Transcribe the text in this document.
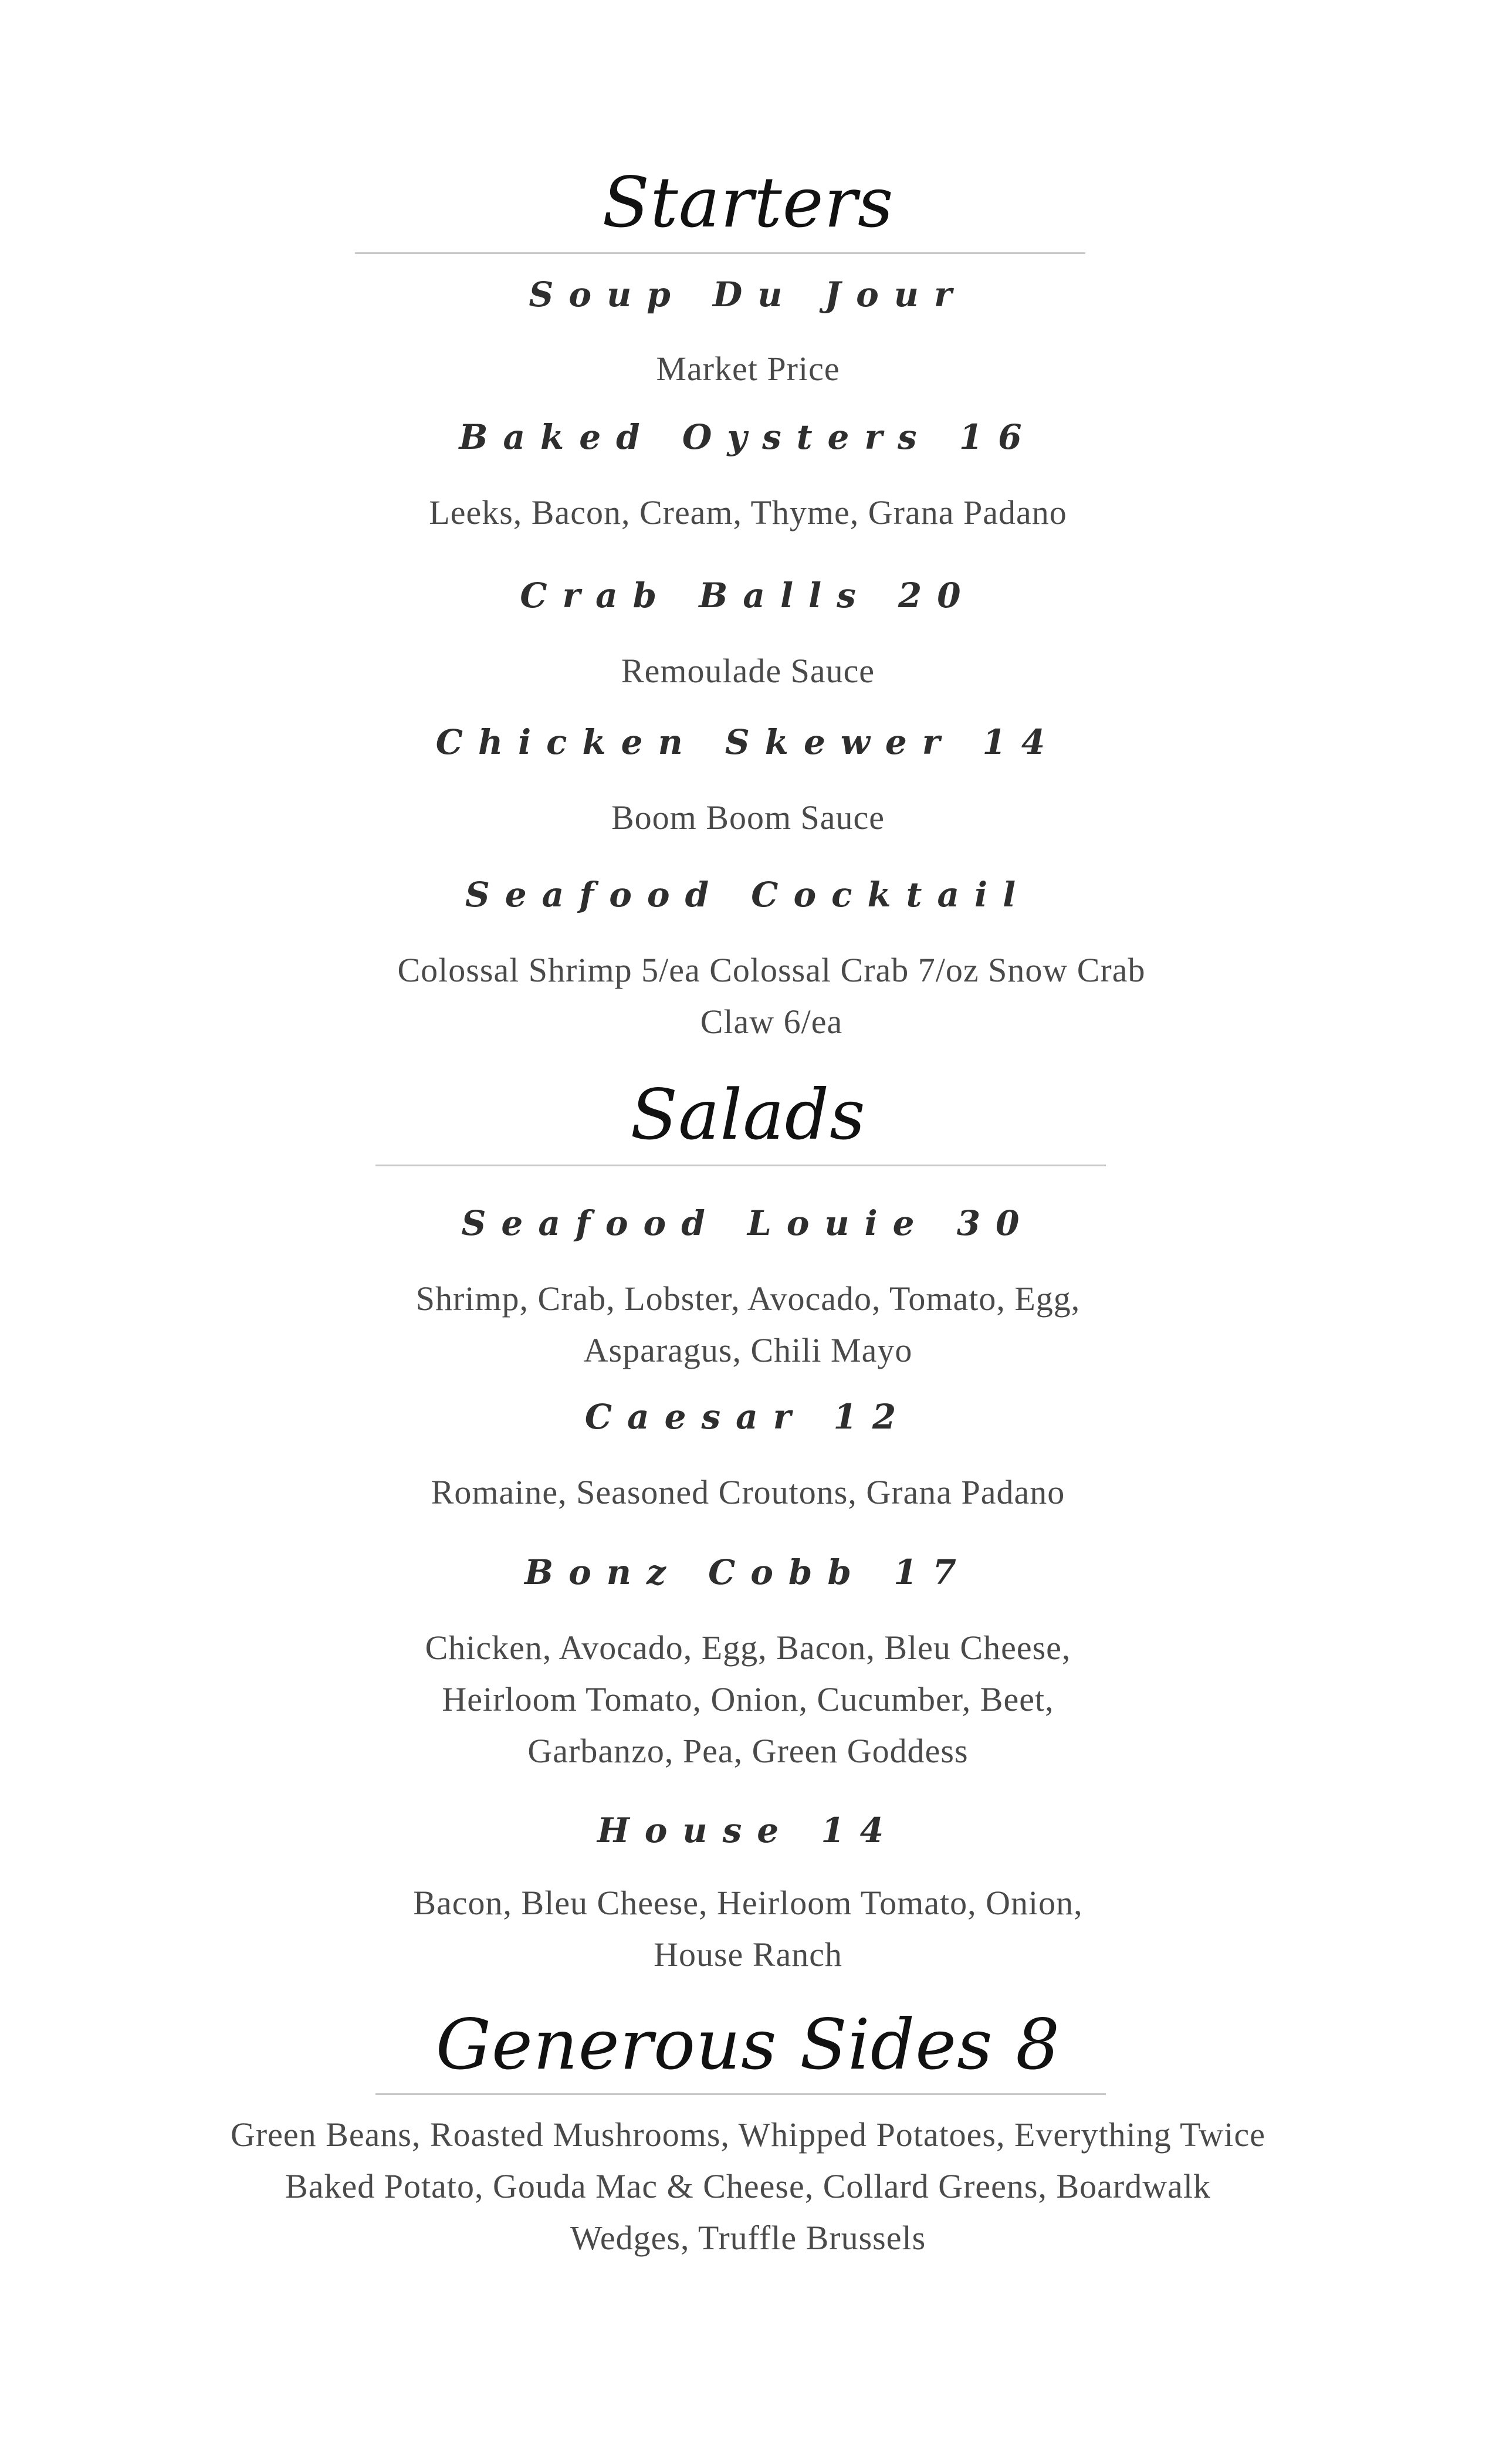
Starters
Soup Du Jour
Market Price
Baked Oysters 16
Leeks, Bacon, Cream, Thyme, Grana Padano
Crab Balls 20
Remoulade Sauce
Chicken Skewer 14
Boom Boom Sauce
Seafood Cocktail
Colossal Shrimp 5/ea Colossal Crab 7/oz Snow Crab Claw 6/ea
Salads
Seafood Louie 30
Shrimp, Crab, Lobster, Avocado, Tomato, Egg, Asparagus, Chili Mayo
Caesar 12
Romaine, Seasoned Croutons, Grana Padano
Bonz Cobb 17
Chicken, Avocado, Egg, Bacon, Bleu Cheese, Heirloom Tomato, Onion, Cucumber, Beet, Garbanzo, Pea, Green Goddess
House 14
Bacon, Bleu Cheese, Heirloom Tomato, Onion, House Ranch
Generous Sides 8
Green Beans, Roasted Mushrooms, Whipped Potatoes, Everything Twice Baked Potato, Gouda Mac & Cheese, Collard Greens, Boardwalk Wedges, Truffle Brussels
